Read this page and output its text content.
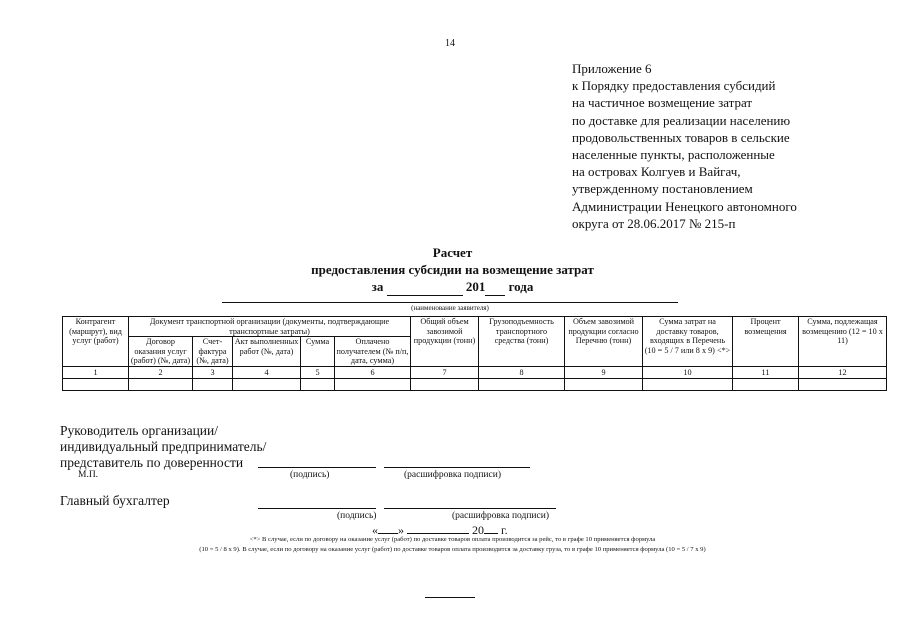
14
Приложение 6
к Порядку предоставления субсидий
на частичное возмещение затрат
по доставке для реализации населению
продовольственных товаров в сельские
населенные пункты, расположенные
на островах Колгуев и Вайгач,
утвержденному постановлением
Администрации Ненецкого автономного
округа от 28.06.2017 № 215-п
Расчет
предоставления субсидии на возмещение затрат
за	201 года
(наименование заявителя)
Контрагент (маршрут), вид услуг (работ)	Документ транспортной организации (документы, подтверждающие транспортные затраты)					Общий объем завозимой продукции (тонн)	Грузоподъемность транспортного средства (тонн)	Объем завозимой продукции согласно Перечню (тонн)	Сумма затрат на доставку товаров, входящих в Перечень (10 = 5 / 7 или 8 х 9) <*>	Процент возмещения	Сумма, подлежащая возмещению (12 = 10 х 11)
	Договор оказания услуг (работ) (№, дата)	Счет-фактура (№, дата)	Акт выполненных работ (№, дата)	Сумма	Оплачено получателем (№ п/п, дата, сумма)						
1	2	3	4	5	6	7	8	9	10	11	12

Руководитель организации/
индивидуальный предприниматель/
представитель по доверенности
М.П.	(подпись)	(расшифровка подписи)
Главный бухгалтер
(подпись)	(расшифровка подписи)
« »	20 г.
<*> В случае, если по договору на оказание услуг (работ) по доставке товаров оплата производится за рейс, то в графе 10 применяется формула
(10 = 5 / 8 х 9). В случае, если по договору на оказание услуг (работ) по доставке товаров оплата производится за доставку груза, то в графе 10 применяется формула (10 = 5 / 7 х 9)
